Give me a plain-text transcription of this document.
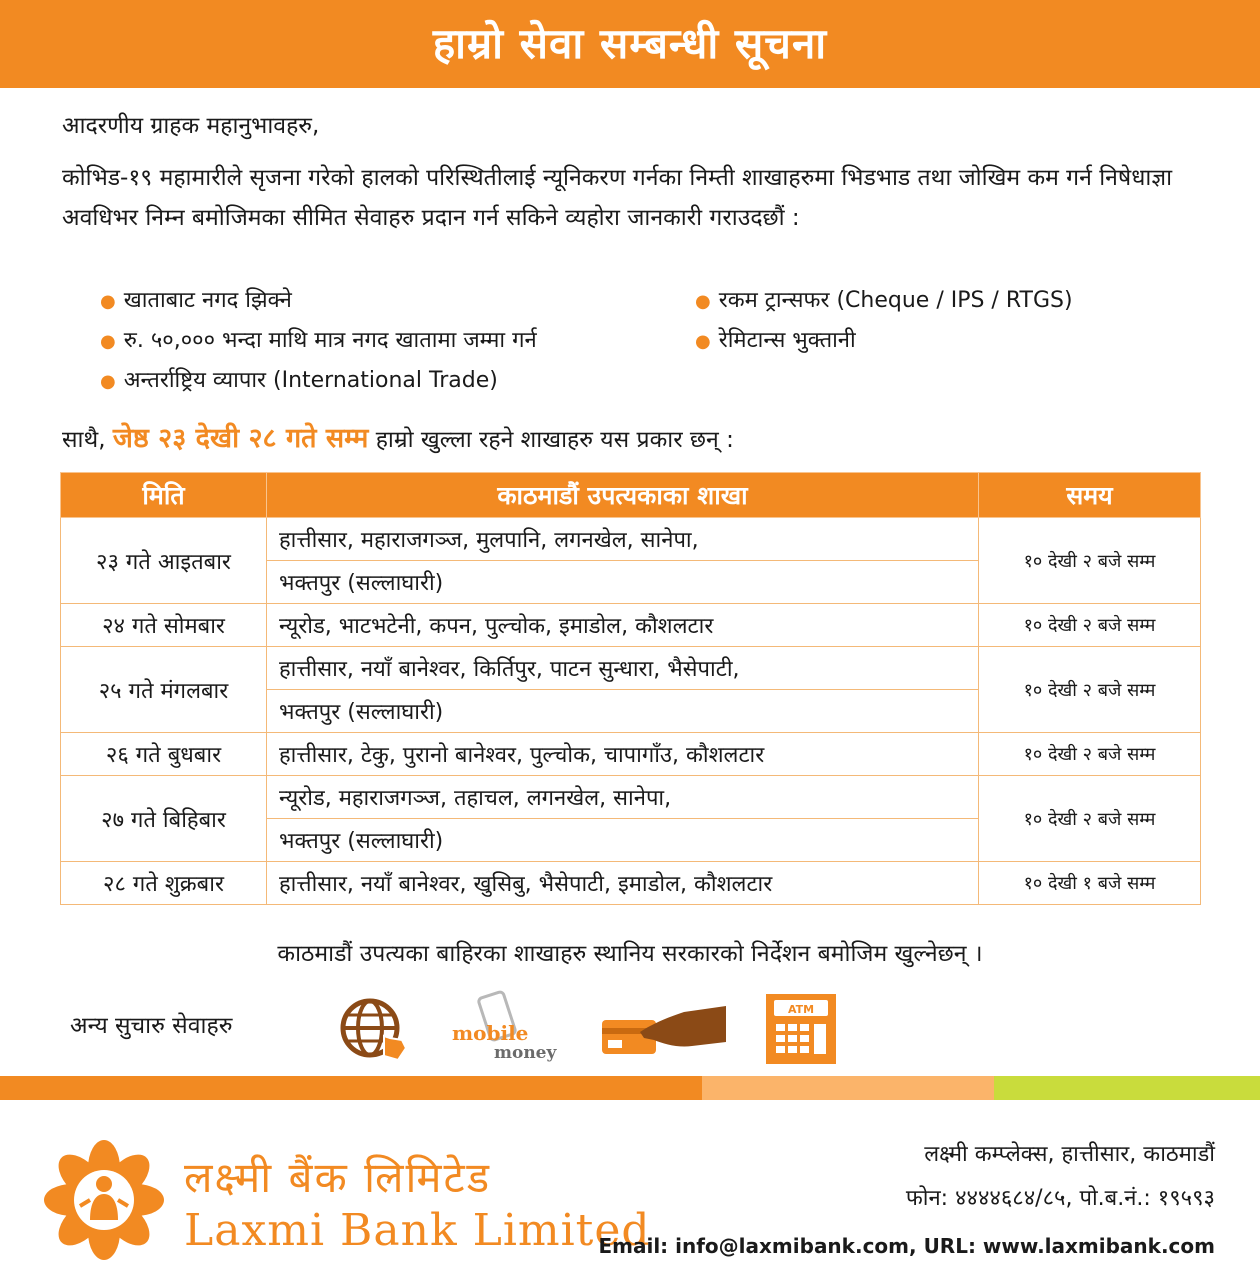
हाम्रो सेवा सम्बन्धी सूचना
आदरणीय ग्राहक महानुभावहरु,
कोभिड-१९ महामारीले सृजना गरेको हालको परिस्थितीलाई न्यूनिकरण गर्नका निम्ती शाखाहरुमा भिडभाड तथा जोखिम कम गर्न निषेधाज्ञा अवधिभर निम्न बमोजिमका सीमित सेवाहरु प्रदान गर्न सकिने व्यहोरा जानकारी गराउदछौं :
● खाताबाट नगद झिक्ने
● रु. ५०,००० भन्दा माथि मात्र नगद खातामा जम्मा गर्न
● अन्तर्राष्ट्रिय व्यापार (International Trade)
● रकम ट्रान्सफर (Cheque / IPS / RTGS)
● रेमिटान्स भुक्तानी
साथै, जेष्ठ २३ देखी २८ गते सम्म हाम्रो खुल्ला रहने शाखाहरु यस प्रकार छन् :
मिति	काठमाडौं उपत्यकाका शाखा	समय
२३ गते आइतबार	हात्तीसार, महाराजगञ्ज, मुलपानि, लगनखेल, सानेपा,	१० देखी २ बजे सम्म
	भक्तपुर (सल्लाघारी)	
२४ गते सोमबार	न्यूरोड, भाटभटेनी, कपन, पुल्चोक, इमाडोल, कौशलटार	१० देखी २ बजे सम्म
२५ गते मंगलबार	हात्तीसार, नयाँ बानेश्वर, किर्तिपुर, पाटन सुन्धारा, भैसेपाटी,	१० देखी २ बजे सम्म
	भक्तपुर (सल्लाघारी)	
२६ गते बुधबार	हात्तीसार, टेकु, पुरानो बानेश्वर, पुल्चोक, चापागाँउ, कौशलटार	१० देखी २ बजे सम्म
२७ गते बिहिबार	न्यूरोड, महाराजगञ्ज, तहाचल, लगनखेल, सानेपा,	१० देखी २ बजे सम्म
	भक्तपुर (सल्लाघारी)	
२८ गते शुक्रबार	हात्तीसार, नयाँ बानेश्वर, खुसिबु, भैसेपाटी, इमाडोल, कौशलटार	१० देखी १ बजे सम्म
काठमाडौं उपत्यका बाहिरका शाखाहरु स्थानिय सरकारको निर्देशन बमोजिम खुल्नेछन् ।
अन्य सुचारु सेवाहरु	mobile
money
ATM
लक्ष्मी बैंक लिमिटेड
Laxmi Bank Limited
लक्ष्मी कम्प्लेक्स, हात्तीसार, काठमाडौं
फोन: ४४४४६८४/८५, पो.ब.नं.: १९५९३
Email: info@laxmibank.com, URL: www.laxmibank.com
